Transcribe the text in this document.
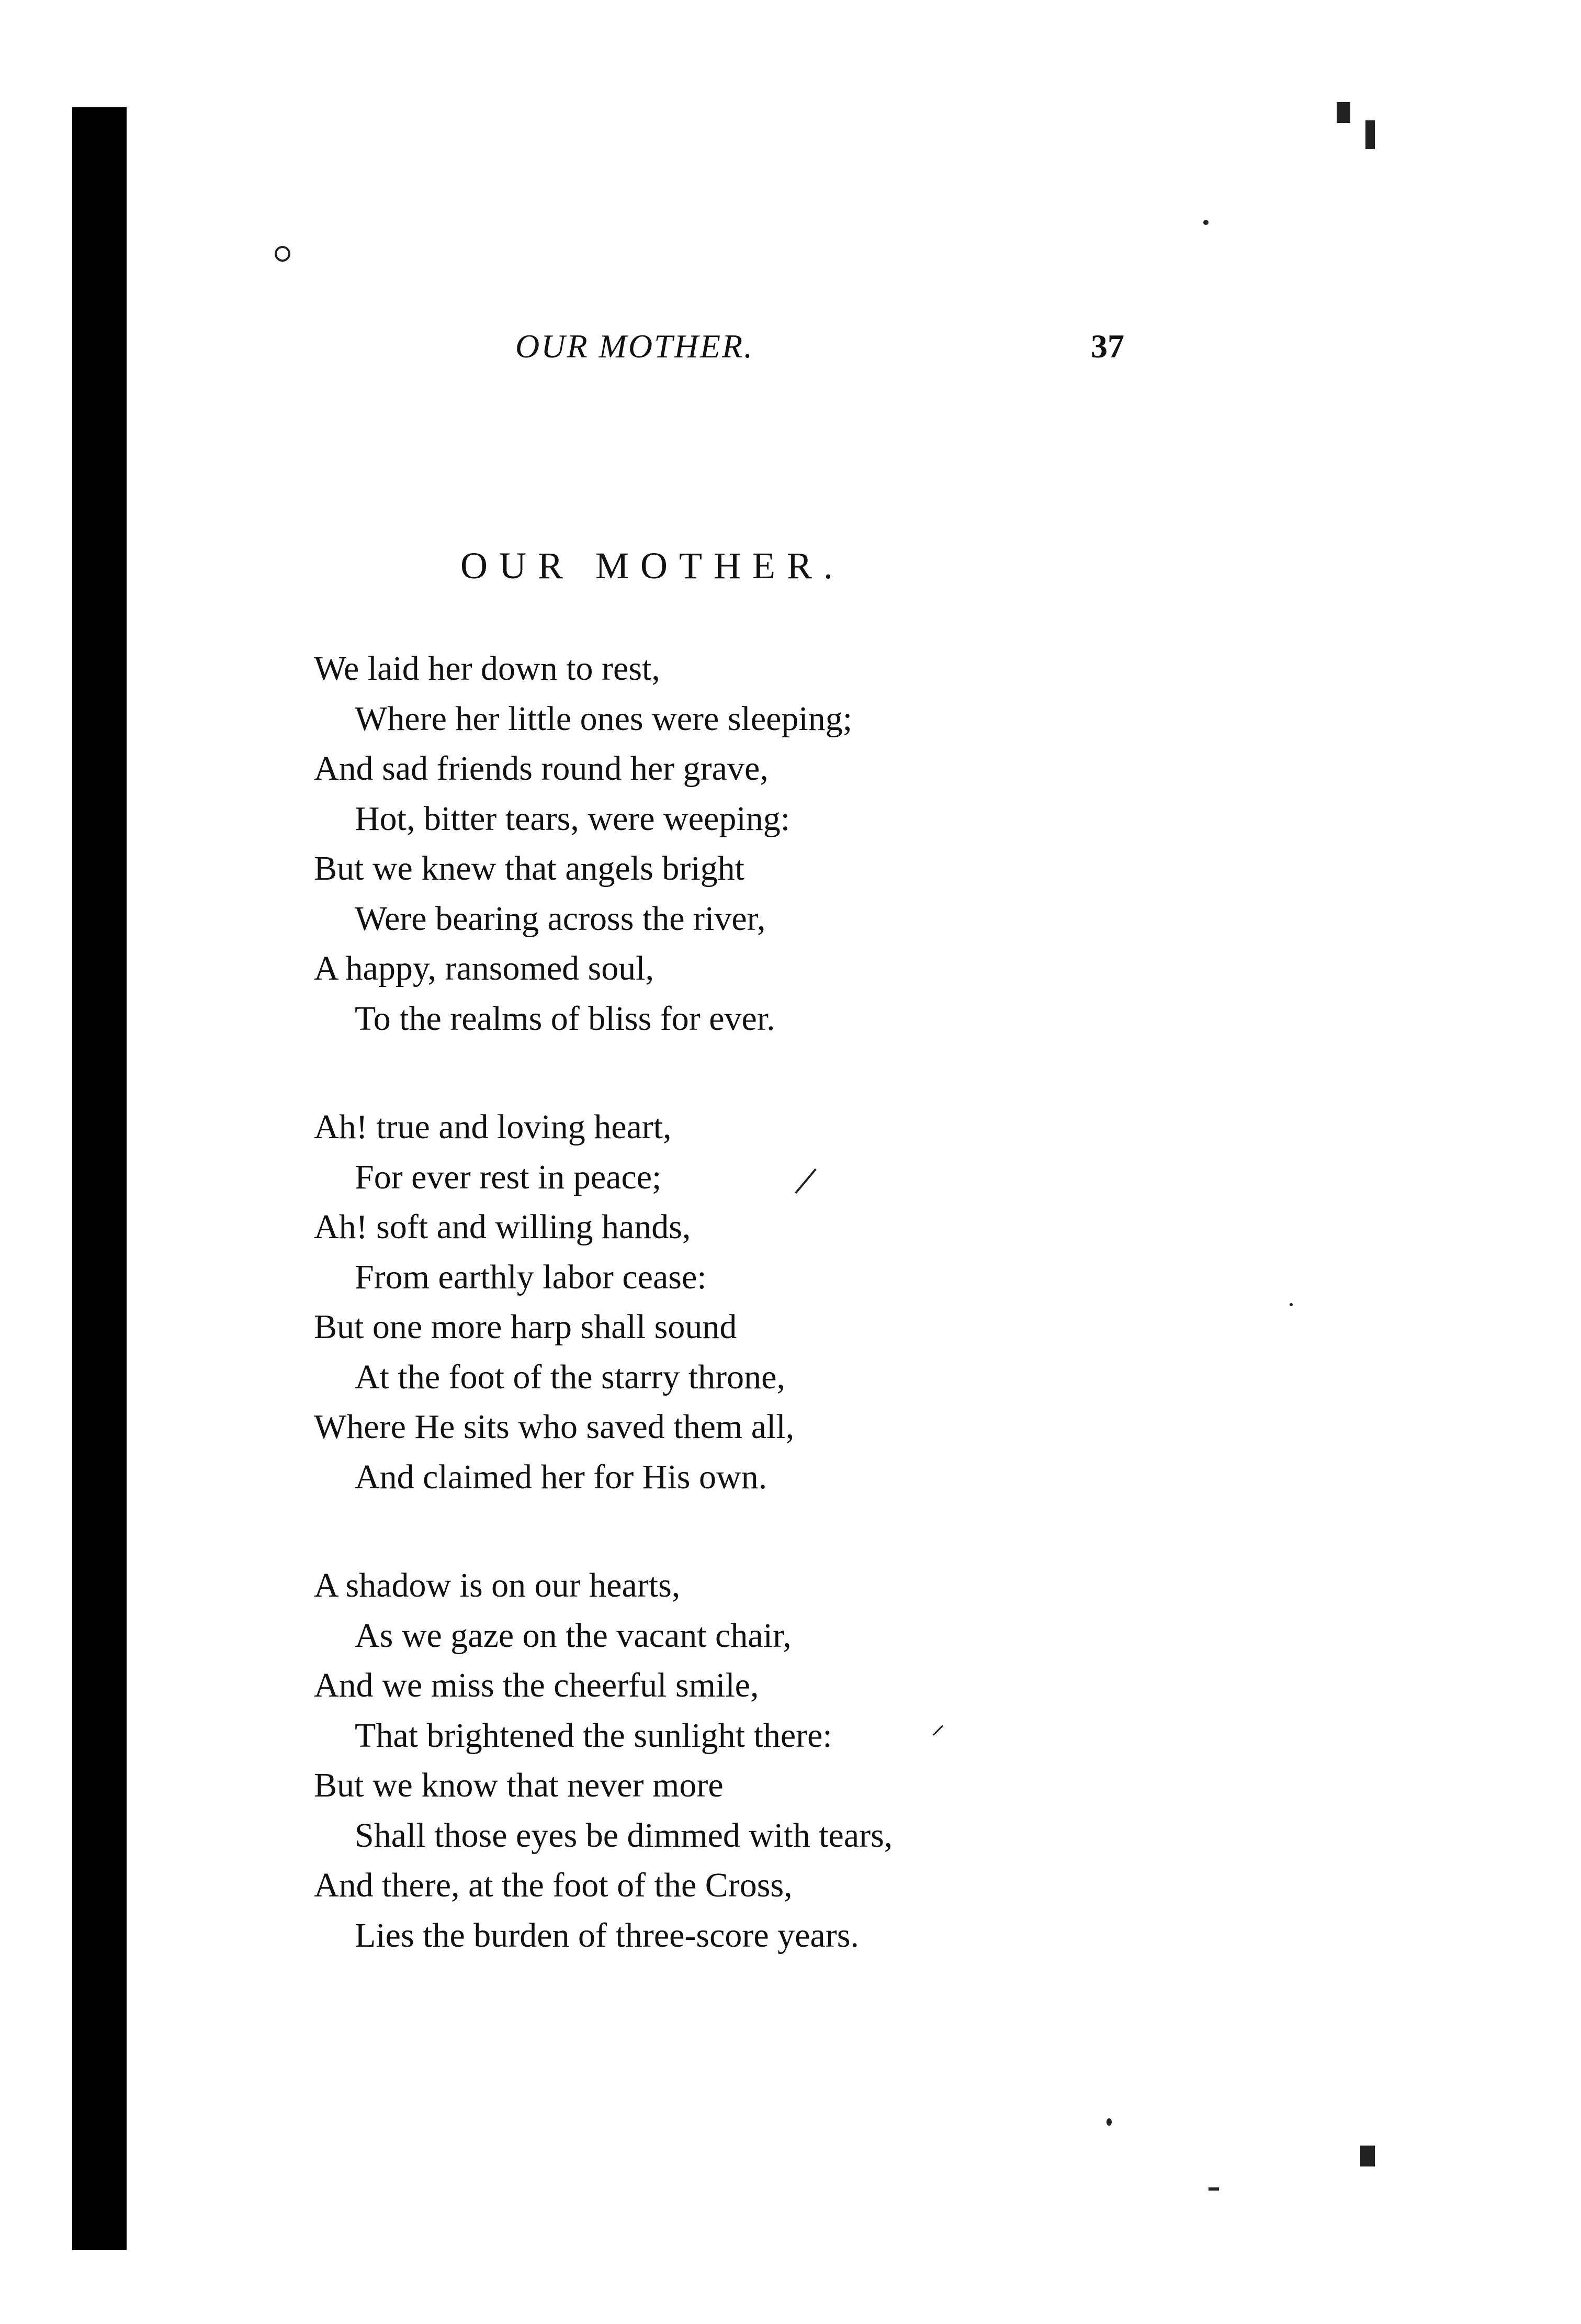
OUR MOTHER.	37
OUR MOTHER.
We laid her down to rest,
Where her little ones were sleeping;
And sad friends round her grave,
Hot, bitter tears, were weeping:
But we knew that angels bright
Were bearing across the river,
A happy, ransomed soul,
To the realms of bliss for ever.
Ah! true and loving heart,
For ever rest in peace;
Ah! soft and willing hands,
From earthly labor cease:
But one more harp shall sound
At the foot of the starry throne,
Where He sits who saved them all,
And claimed her for His own.
A shadow is on our hearts,
As we gaze on the vacant chair,
And we miss the cheerful smile,
That brightened the sunlight there:
But we know that never more
Shall those eyes be dimmed with tears,
And there, at the foot of the Cross,
Lies the burden of three-score years.
